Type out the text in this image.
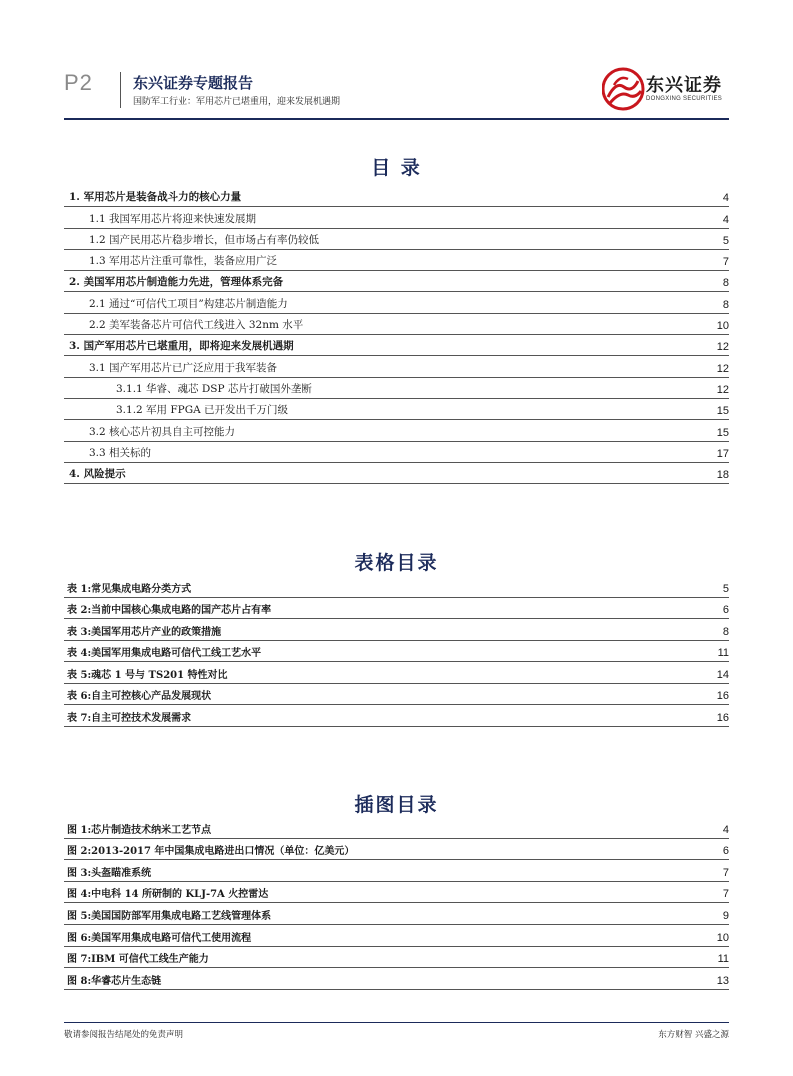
P2	东兴证券专题报告
国防军工行业：军用芯片已堪重用，迎来发展机遇期
东兴证券
DONGXING SECURITIES
目 录
1. 军用芯片是装备战斗力的核心力量	4
1.1 我国军用芯片将迎来快速发展期	4
1.2 国产民用芯片稳步增长，但市场占有率仍较低	5
1.3 军用芯片注重可靠性，装备应用广泛	7
2. 美国军用芯片制造能力先进，管理体系完备	8
2.1 通过“可信代工项目”构建芯片制造能力	8
2.2 美军装备芯片可信代工线进入 32nm 水平	10
3. 国产军用芯片已堪重用，即将迎来发展机遇期	12
3.1 国产军用芯片已广泛应用于我军装备	12
3.1.1 华睿、魂芯 DSP 芯片打破国外垄断	12
3.1.2 军用 FPGA 已开发出千万门级	15
3.2 核心芯片初具自主可控能力	15
3.3 相关标的	17
4. 风险提示	18
表格目录
表 1:常见集成电路分类方式	5
表 2:当前中国核心集成电路的国产芯片占有率	6
表 3:美国军用芯片产业的政策措施	8
表 4:美国军用集成电路可信代工线工艺水平	11
表 5:魂芯 1 号与 TS201 特性对比	14
表 6:自主可控核心产品发展现状	16
表 7:自主可控技术发展需求	16
插图目录
图 1:芯片制造技术纳米工艺节点	4
图 2:2013-2017 年中国集成电路进出口情况（单位：亿美元）	6
图 3:头盔瞄准系统	7
图 4:中电科 14 所研制的 KLJ-7A 火控雷达	7
图 5:美国国防部军用集成电路工艺线管理体系	9
图 6:美国军用集成电路可信代工使用流程	10
图 7:IBM 可信代工线生产能力	11
图 8:华睿芯片生态链	13
敬请参阅报告结尾处的免责声明	东方财智 兴盛之源
